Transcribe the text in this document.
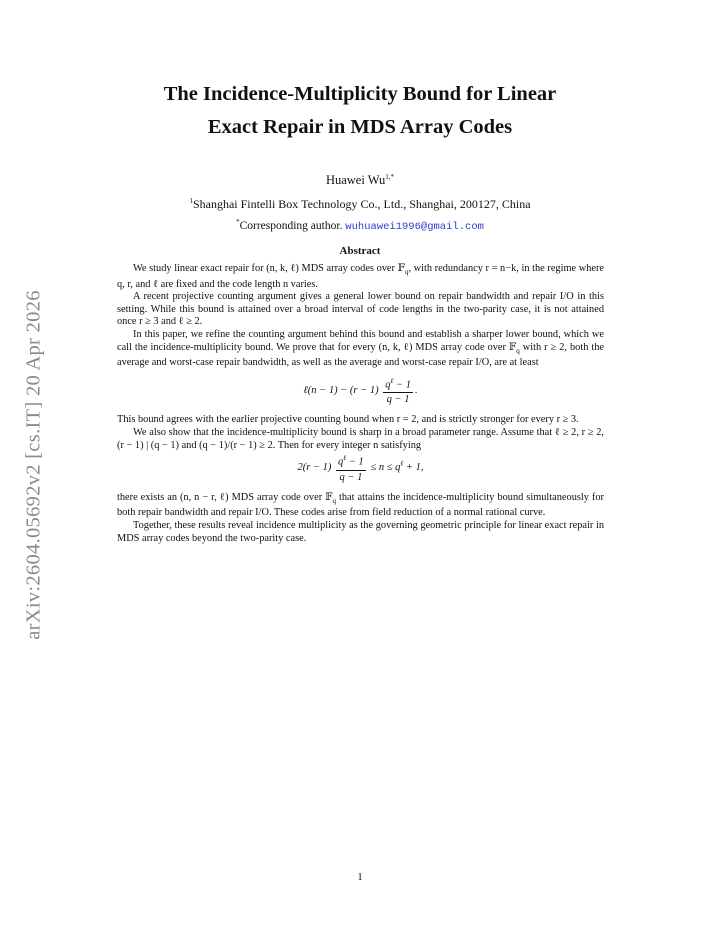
arXiv:2604.05692v2 [cs.IT] 20 Apr 2026
The Incidence-Multiplicity Bound for Linear
Exact Repair in MDS Array Codes
Huawei $Wu^{1,*}$
$^1$Shanghai Fintelli Box Technology Co., Ltd., Shanghai, 200127, China
*Corresponding author. wuhuawei1996@gmail.com
Abstract

We study linear exact repair for (n, k, ℓ) MDS array codes over 𝔽$_q$, with redundancy r = n−k, in the regime where q, r, and ℓ are fixed and the code length n varies.

A recent projective counting argument gives a general lower bound on repair bandwidth and repair I/O in this setting. While this bound is attained over a broad interval of code lengths in the two-parity case, it is not attained once r ≥ 3 and ℓ ≥ 2.

In this paper, we refine the counting argument behind this bound and establish a sharper lower bound, which we call the incidence-multiplicity bound. We prove that for every (n, k, ℓ) MDS array code over 𝔽$_q$ with r ≥ 2, both the average and worst-case repair bandwidth, as well as the average and worst-case repair I/O, are at least

ℓ(n − $1) - (r - 1) \frac{q^\ell - 1}{q - 1}$ .

This bound agrees with the earlier projective counting bound when r = 2, and is strictly stronger for every r ≥ 3.

We also show that the incidence-multiplicity bound is sharp in a broad parameter range. Assume that ℓ ≥ 2, r ≥ 2, (r − 1) | (q − 1) and (q − 1)/(r − 1) ≥ 2. Then for every integer n satisfying

$2(r - 1) \frac{q^\ell - 1}{q - 1} \le n \le q^\ell + 1$,

there exists an (n, n − r, ℓ) MDS array code over 𝔽$_q$ that attains the incidence-multiplicity bound simultaneously for both repair bandwidth and repair I/O. These codes arise from field reduction of a normal rational curve.

Together, these results reveal incidence multiplicity as the governing geometric principle for linear exact repair in MDS array codes beyond the two-parity case.

1
